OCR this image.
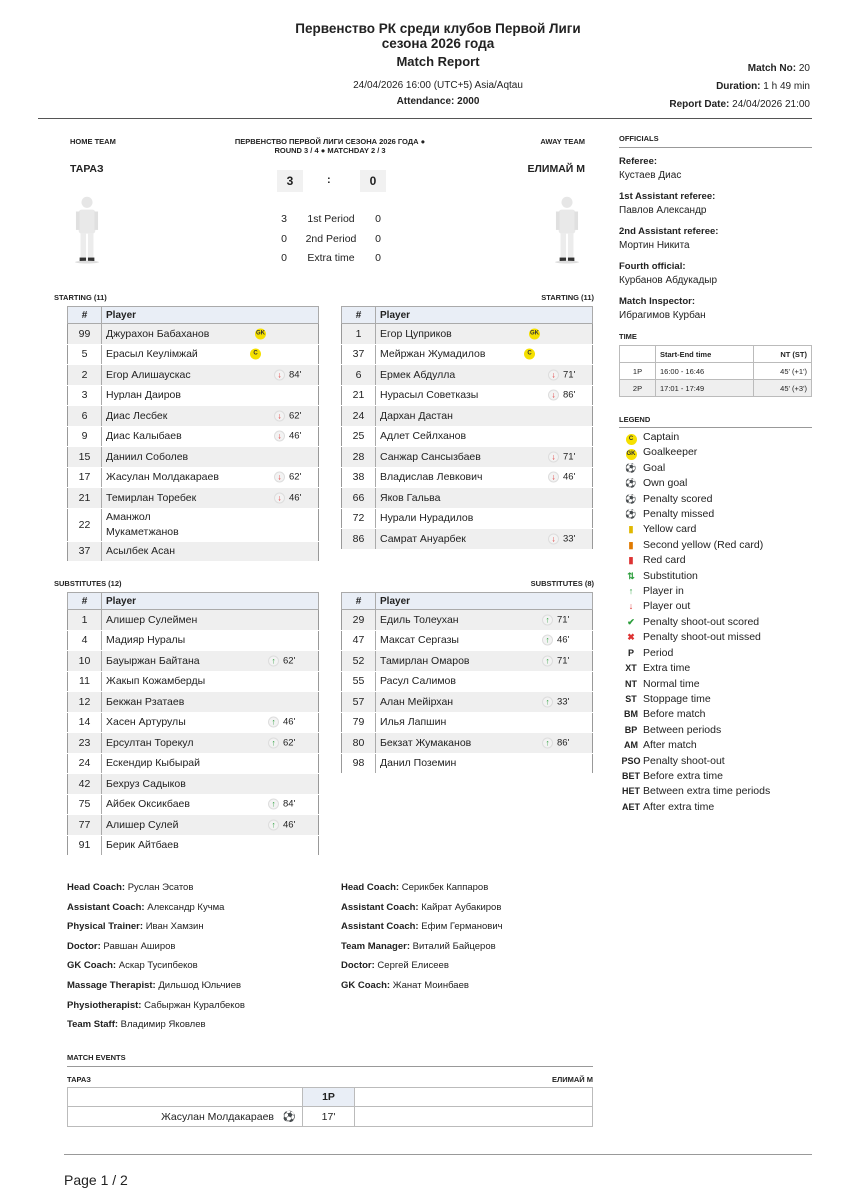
Первенство РК среди клубов Первой Лиги
сезона 2026 года
Match Report
24/04/2026 16:00 (UTC+5) Asia/Aqtau
Attendance: 2000
Match No: 20
Duration: 1 h 49 min
Report Date: 24/04/2026 21:00
HOME TEAM	AWAY TEAM
ПЕРВЕНСТВО ПЕРВОЙ ЛИГИ СЕЗОНА 2026 ГОДА ●
ROUND 3 / 4 ● MATCHDAY 2 / 3
ТАРАЗ	ЕЛИМАЙ М
3	:	0
3	1st Period	0
0	2nd Period	0
0	Extra time	0
STARTING (11)	STARTING (11)
#	Player
99	Джурахон Бабаханов GK

5	Ерасыл Кеулімжай C

2	Егор Алишаускас ↓ 84'

3	Нурлан Даиров

6	Диас Лесбек ↓ 62'

9	Диас Калыбаев ↓ 46'

15	Даниил Соболев

17	Жасулан Молдакараев ↓ 62'

21	Темирлан Торебек ↓ 46'

22	Аманжол Мукаметжанов

37	Асылбек Асан
#	Player
1	Егор Цуприков GK

37	Мейржан Жумадилов C

6	Ермек Абдулла ↓ 71'

21	Нурасыл Советказы ↓ 86'

24	Дархан Дастан

25	Адлет Сейлханов

28	Санжар Сансызбаев ↓ 71'

38	Владислав Левкович ↓ 46'

66	Яков Гальва

72	Нурали Нурадилов

86	Самрат Ануарбек ↓ 33'
SUBSTITUTES (12)	SUBSTITUTES (8)
#	Player
1	Алишер Сулеймен

4	Мадияр Нуралы

10	Бауыржан Байтана ↑ 62'

11	Жакып Кожамберды

12	Бекжан Рзатаев

14	Хасен Артурулы ↑ 46'

23	Ерсултан Торекул ↑ 62'

24	Ескендир Кыбырай

42	Бехруз Садыков

75	Айбек Оксикбаев ↑ 84'

77	Алишер Сулей ↑ 46'

91	Берик Айтбаев
#	Player
29	Едиль Толеухан ↑ 71'

47	Максат Сергазы ↑ 46'

52	Тамирлан Омаров ↑ 71'

55	Расул Салимов

57	Алан Мейірхан ↑ 33'

79	Илья Лапшин

80	Бекзат Жумаканов ↑ 86'

98	Данил Поземин
Head Coach: Руслан Эсатов
Assistant Coach: Александр Кучма
Physical Trainer: Иван Хамзин
Doctor: Равшан Аширов
GK Coach: Аскар Тусипбеков
Massage Therapist: Дильшод Юльчиев
Physiotherapist: Сабыржан Куралбеков
Team Staff: Владимир Яковлев
Head Coach: Серикбек Каппаров
Assistant Coach: Кайрат Аубакиров
Assistant Coach: Ефим Германович
Team Manager: Виталий Байцеров
Doctor: Сергей Елисеев
GK Coach: Жанат Моинбаев
OFFICIALS
Referee:
Кустаев Диас
1st Assistant referee:
Павлов Александр
2nd Assistant referee:
Мортин Никита
Fourth official:
Курбанов Абдукадыр
Match Inspector:
Ибрагимов Курбан
TIME
	Start-End time	NT (ST)
1P	16:00 - 16:46	45' (+1')
2P	17:01 - 17:49	45' (+3')
LEGEND
C Captain
GK Goalkeeper
⚽ Goal
⚽ Own goal
⚽ Penalty scored
⚽ Penalty missed
▮ Yellow card
▮ Second yellow (Red card)
▮ Red card
⇅ Substitution
↑ Player in
↓ Player out
✔ Penalty shoot-out scored
✖ Penalty shoot-out missed
P Period
XT Extra time
NT Normal time
ST Stoppage time
BM Before match
BP Between periods
AM After match
PSO Penalty shoot-out
BET Before extra time
HET Between extra time periods
AET After extra time
MATCH EVENTS
ТАРАЗ	ЕЛИМАЙ М
	1P	
Жасулан Молдакараев ⚽	17'	
Page 1 / 2
